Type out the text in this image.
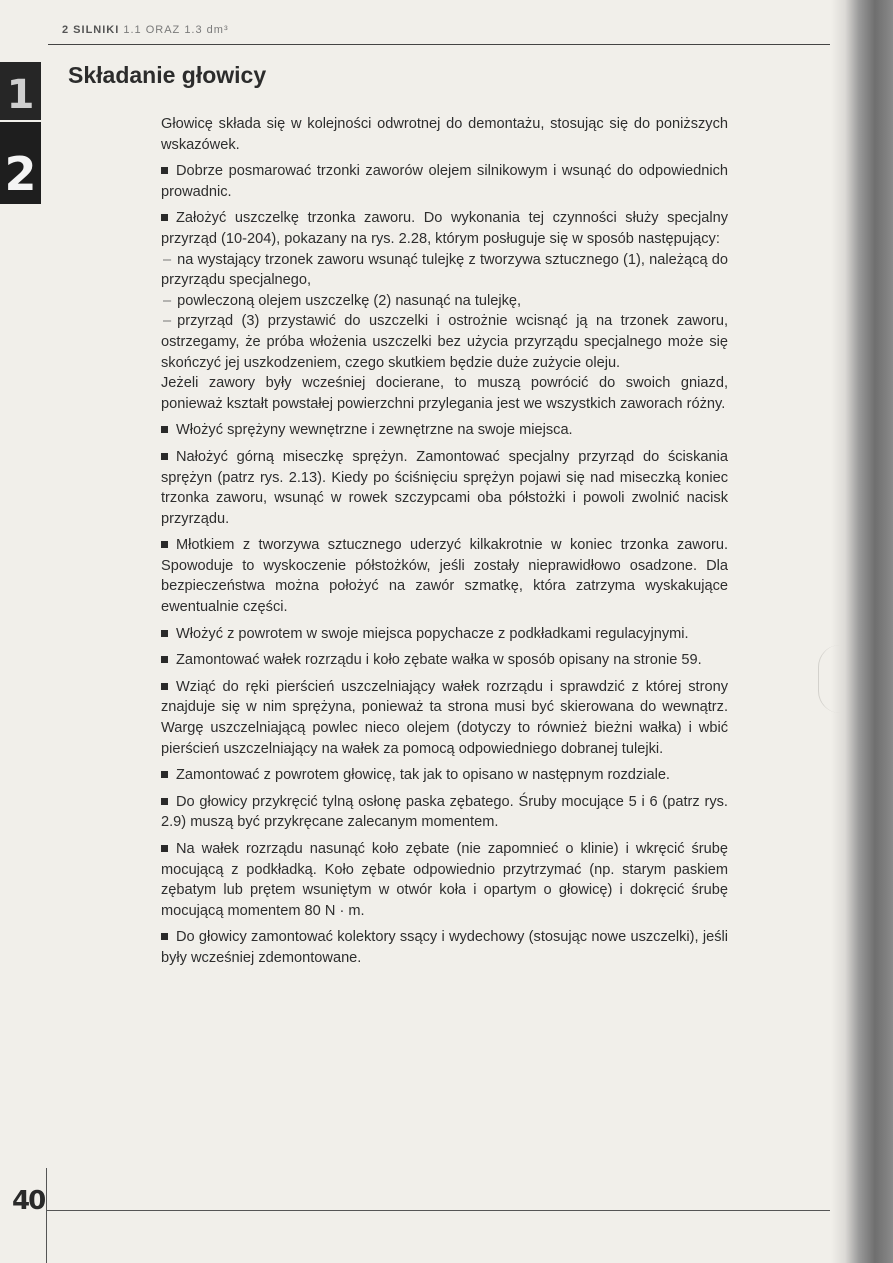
2 SILNIKI 1.1 ORAZ 1.3 dm³
1
2
Składanie głowicy

Głowicę składa się w kolejności odwrotnej do demontażu, stosując się do poniższych wskazówek.

Dobrze posmarować trzonki zaworów olejem silnikowym i wsunąć do odpowiednich prowadnic.

Założyć uszczelkę trzonka zaworu. Do wykonania tej czynności służy specjalny przyrząd (10-204), pokazany na rys. 2.28, którym posługuje się w sposób następujący:

– na wystający trzonek zaworu wsunąć tulejkę z tworzywa sztucznego (1), należącą do przyrządu specjalnego,

– powleczoną olejem uszczelkę (2) nasunąć na tulejkę,

– przyrząd (3) przystawić do uszczelki i ostrożnie wcisnąć ją na trzonek zaworu, ostrzegamy, że próba włożenia uszczelki bez użycia przyrządu specjalnego może się skończyć jej uszkodzeniem, czego skutkiem będzie duże zużycie oleju.

Jeżeli zawory były wcześniej docierane, to muszą powrócić do swoich gniazd, ponieważ kształt powstałej powierzchni przylegania jest we wszystkich zaworach różny.

Włożyć sprężyny wewnętrzne i zewnętrzne na swoje miejsca.

Nałożyć górną miseczkę sprężyn. Zamontować specjalny przyrząd do ściskania sprężyn (patrz rys. 2.13). Kiedy po ściśnięciu sprężyn pojawi się nad miseczką koniec trzonka zaworu, wsunąć w rowek szczypcami oba półstożki i powoli zwolnić nacisk przyrządu.

Młotkiem z tworzywa sztucznego uderzyć kilkakrotnie w koniec trzonka zaworu. Spowoduje to wyskoczenie półstożków, jeśli zostały nieprawidłowo osadzone. Dla bezpieczeństwa można położyć na zawór szmatkę, która zatrzyma wyskakujące ewentualnie części.

Włożyć z powrotem w swoje miejsca popychacze z podkładkami regulacyjnymi.

Zamontować wałek rozrządu i koło zębate wałka w sposób opisany na stronie 59.

Wziąć do ręki pierścień uszczelniający wałek rozrządu i sprawdzić z której strony znajduje się w nim sprężyna, ponieważ ta strona musi być skierowana do wewnątrz. Wargę uszczelniającą powlec nieco olejem (dotyczy to również bieżni wałka) i wbić pierścień uszczelniający na wałek za pomocą odpowiedniego dobranej tulejki.

Zamontować z powrotem głowicę, tak jak to opisano w następnym rozdziale.

Do głowicy przykręcić tylną osłonę paska zębatego. Śruby mocujące 5 i 6 (patrz rys. 2.9) muszą być przykręcane zalecanym momentem.

Na wałek rozrządu nasunąć koło zębate (nie zapomnieć o klinie) i wkręcić śrubę mocującą z podkładką. Koło zębate odpowiednio przytrzymać (np. starym paskiem zębatym lub prętem wsuniętym w otwór koła i opartym o głowicę) i dokręcić śrubę mocującą momentem 80 N · m.

Do głowicy zamontować kolektory ssący i wydechowy (stosując nowe uszczelki), jeśli były wcześniej zdemontowane.

40
